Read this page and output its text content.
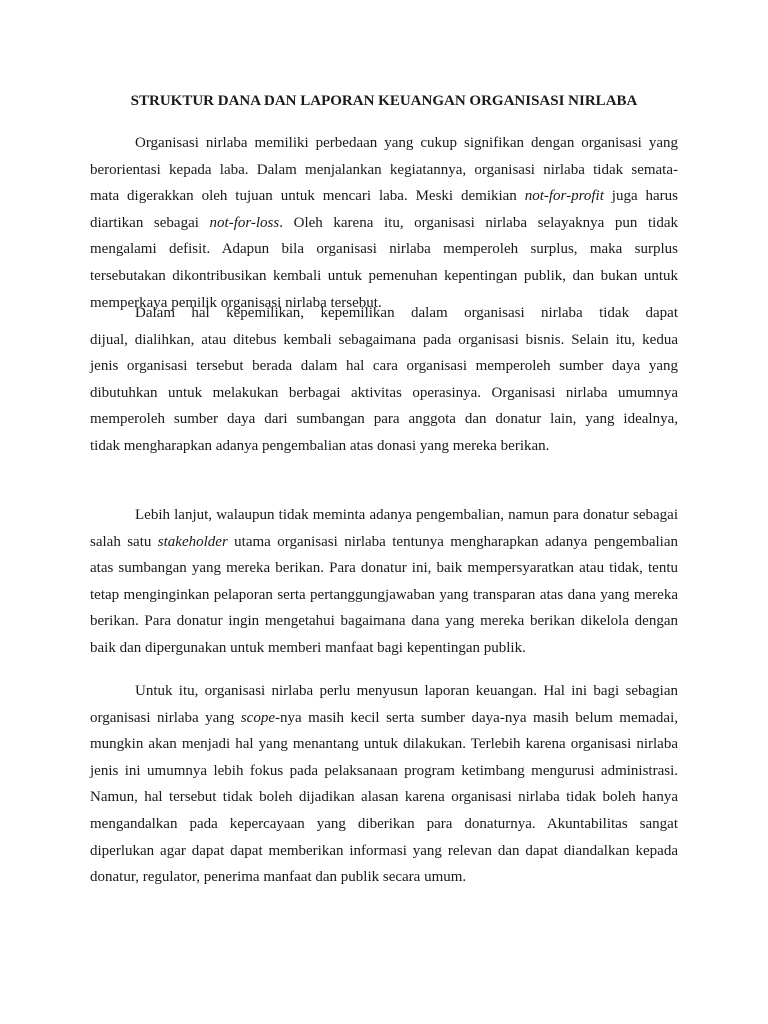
STRUKTUR DANA DAN LAPORAN KEUANGAN ORGANISASI NIRLABA
Organisasi nirlaba memiliki perbedaan yang cukup signifikan dengan organisasi yang
berorientasi kepada laba. Dalam menjalankan kegiatannya, organisasi nirlaba tidak semata-
mata digerakkan oleh tujuan untuk mencari laba. Meski demikian not-for-profit juga harus
diartikan sebagai not-for-loss. Oleh karena itu, organisasi nirlaba selayaknya pun tidak
mengalami defisit. Adapun bila organisasi nirlaba memperoleh surplus, maka surplus
tersebutakan dikontribusikan kembali untuk pemenuhan kepentingan publik, dan bukan untuk
memperkaya pemilik organisasi nirlaba tersebut.
Dalam hal kepemilikan, kepemilikan dalam organisasi nirlaba tidak dapat
dijual, dialihkan, atau ditebus kembali sebagaimana pada organisasi bisnis. Selain itu, kedua
jenis organisasi tersebut berada dalam hal cara organisasi memperoleh sumber daya yang
dibutuhkan untuk melakukan berbagai aktivitas operasinya. Organisasi nirlaba umumnya
memperoleh sumber daya dari sumbangan para anggota dan donatur lain, yang idealnya,
tidak mengharapkan adanya pengembalian atas donasi yang mereka berikan.
Lebih lanjut, walaupun tidak meminta adanya pengembalian, namun para donatur sebagai
salah satu stakeholder utama organisasi nirlaba tentunya mengharapkan adanya pengembalian
atas sumbangan yang mereka berikan. Para donatur ini, baik mempersyaratkan atau tidak, tentu
tetap menginginkan pelaporan serta pertanggungjawaban yang transparan atas dana yang mereka
berikan. Para donatur ingin mengetahui bagaimana dana yang mereka berikan dikelola dengan
baik dan dipergunakan untuk memberi manfaat bagi kepentingan publik.
Untuk itu, organisasi nirlaba perlu menyusun laporan keuangan. Hal ini bagi sebagian
organisasi nirlaba yang scope-nya masih kecil serta sumber daya-nya masih belum memadai,
mungkin akan menjadi hal yang menantang untuk dilakukan. Terlebih karena organisasi nirlaba
jenis ini umumnya lebih fokus pada pelaksanaan program ketimbang mengurusi administrasi.
Namun, hal tersebut tidak boleh dijadikan alasan karena organisasi nirlaba tidak boleh hanya
mengandalkan pada kepercayaan yang diberikan para donaturnya. Akuntabilitas sangat
diperlukan agar dapat dapat memberikan informasi yang relevan dan dapat diandalkan kepada
donatur, regulator, penerima manfaat dan publik secara umum.
